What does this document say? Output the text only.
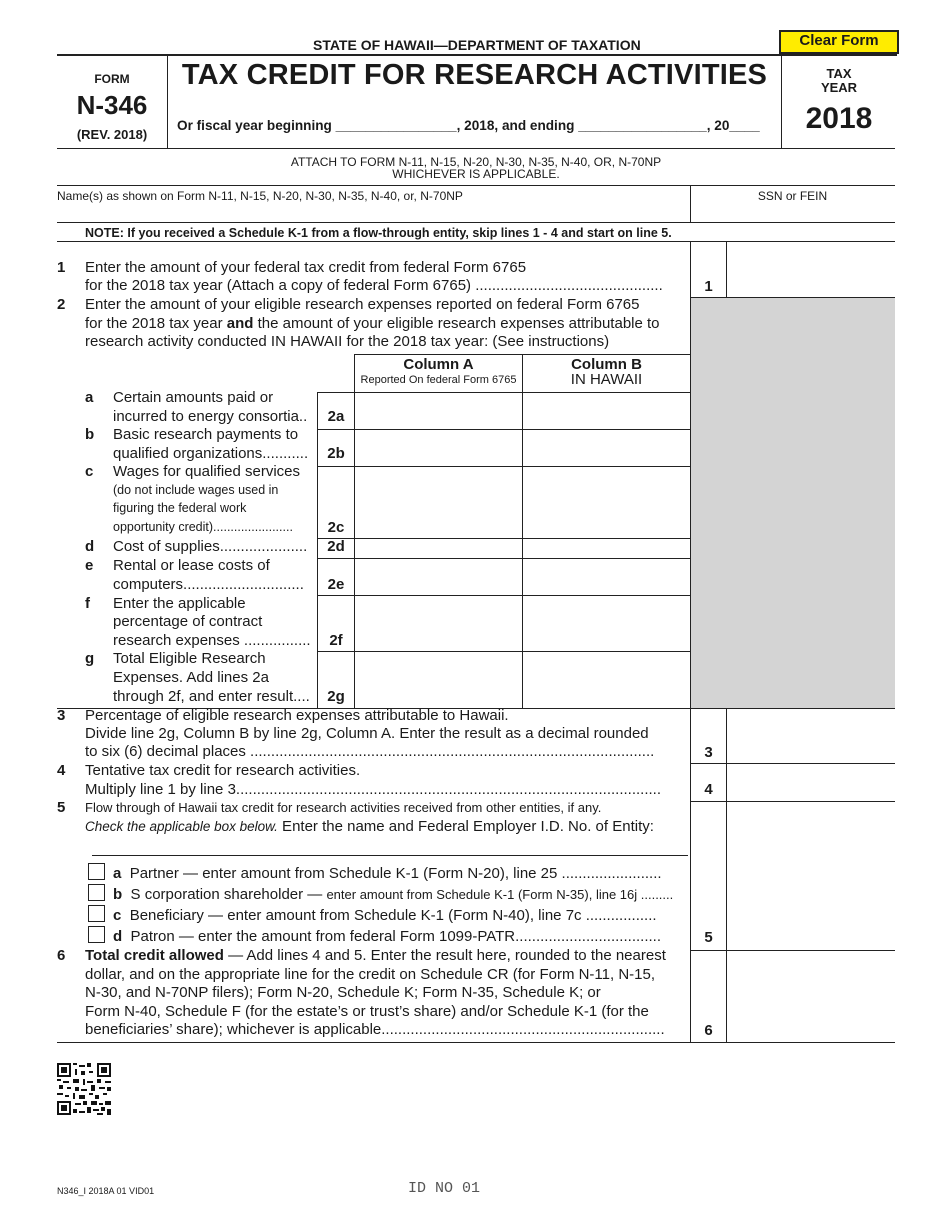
STATE OF HAWAII—DEPARTMENT OF TAXATION	Clear Form
FORM
N-346
(REV. 2018)
TAX CREDIT FOR RESEARCH ACTIVITIES
Or fiscal year beginning ________________, 2018, and ending _________________, 20____
TAX
YEAR
2018
ATTACH TO FORM N-11, N-15, N-20, N-30, N-35, N-40, OR, N-70NP
WHICHEVER IS APPLICABLE.
Name(s) as shown on Form N-11, N-15, N-20, N-30, N-35, N-40, or, N-70NP	SSN or FEIN
NOTE: If you received a Schedule K-1 from a flow-through entity, skip lines 1 - 4 and start on line 5.
1 Enter the amount of your federal tax credit from federal Form 6765
for the 2018 tax year (Attach a copy of federal Form 6765) .............................................	1
2 Enter the amount of your eligible research expenses reported on federal Form 6765
for the 2018 tax year and the amount of your eligible research expenses attributable to
research activity conducted IN HAWAII for the 2018 tax year: (See instructions)
Column A
Reported On federal Form 6765
Column B
IN HAWAII
a Certain amounts paid or
incurred to energy consortia..	2a
b Basic research payments to
qualified organizations...........	2b
c Wages for qualified services
(do not include wages used in
figuring the federal work
opportunity credit).......................	2c
d Cost of supplies.....................	2d
e Rental or lease costs of
computers.............................	2e
f Enter the applicable
percentage of contract
research expenses ................	2f
g Total Eligible Research
Expenses. Add lines 2a
through 2f, and enter result....	2g
3 Percentage of eligible research expenses attributable to Hawaii.
Divide line 2g, Column B by line 2g, Column A. Enter the result as a decimal rounded
to six (6) decimal places .................................................................................................	3
4 Tentative tax credit for research activities.
Multiply line 1 by line 3......................................................................................................	4
5 Flow through of Hawaii tax credit for research activities received from other entities, if any.
Check the applicable box below. Enter the name and Federal Employer I.D. No. of Entity:
a Partner — enter amount from Schedule K-1 (Form N-20), line 25 ........................
b S corporation shareholder — enter amount from Schedule K-1 (Form N-35), line 16j .........
c Beneficiary — enter amount from Schedule K-1 (Form N-40), line 7c .................
d Patron — enter the amount from federal Form 1099-PATR...................................	5
6 Total credit allowed — Add lines 4 and 5. Enter the result here, rounded to the nearest
dollar, and on the appropriate line for the credit on Schedule CR (for Form N-11, N-15,
N-30, and N-70NP filers); Form N-20, Schedule K; Form N-35, Schedule K; or
Form N-40, Schedule F (for the estate’s or trust’s share) and/or Schedule K-1 (for the
beneficiaries’ share); whichever is applicable....................................................................	6
N346_I 2018A 01 VID01	ID NO 01
